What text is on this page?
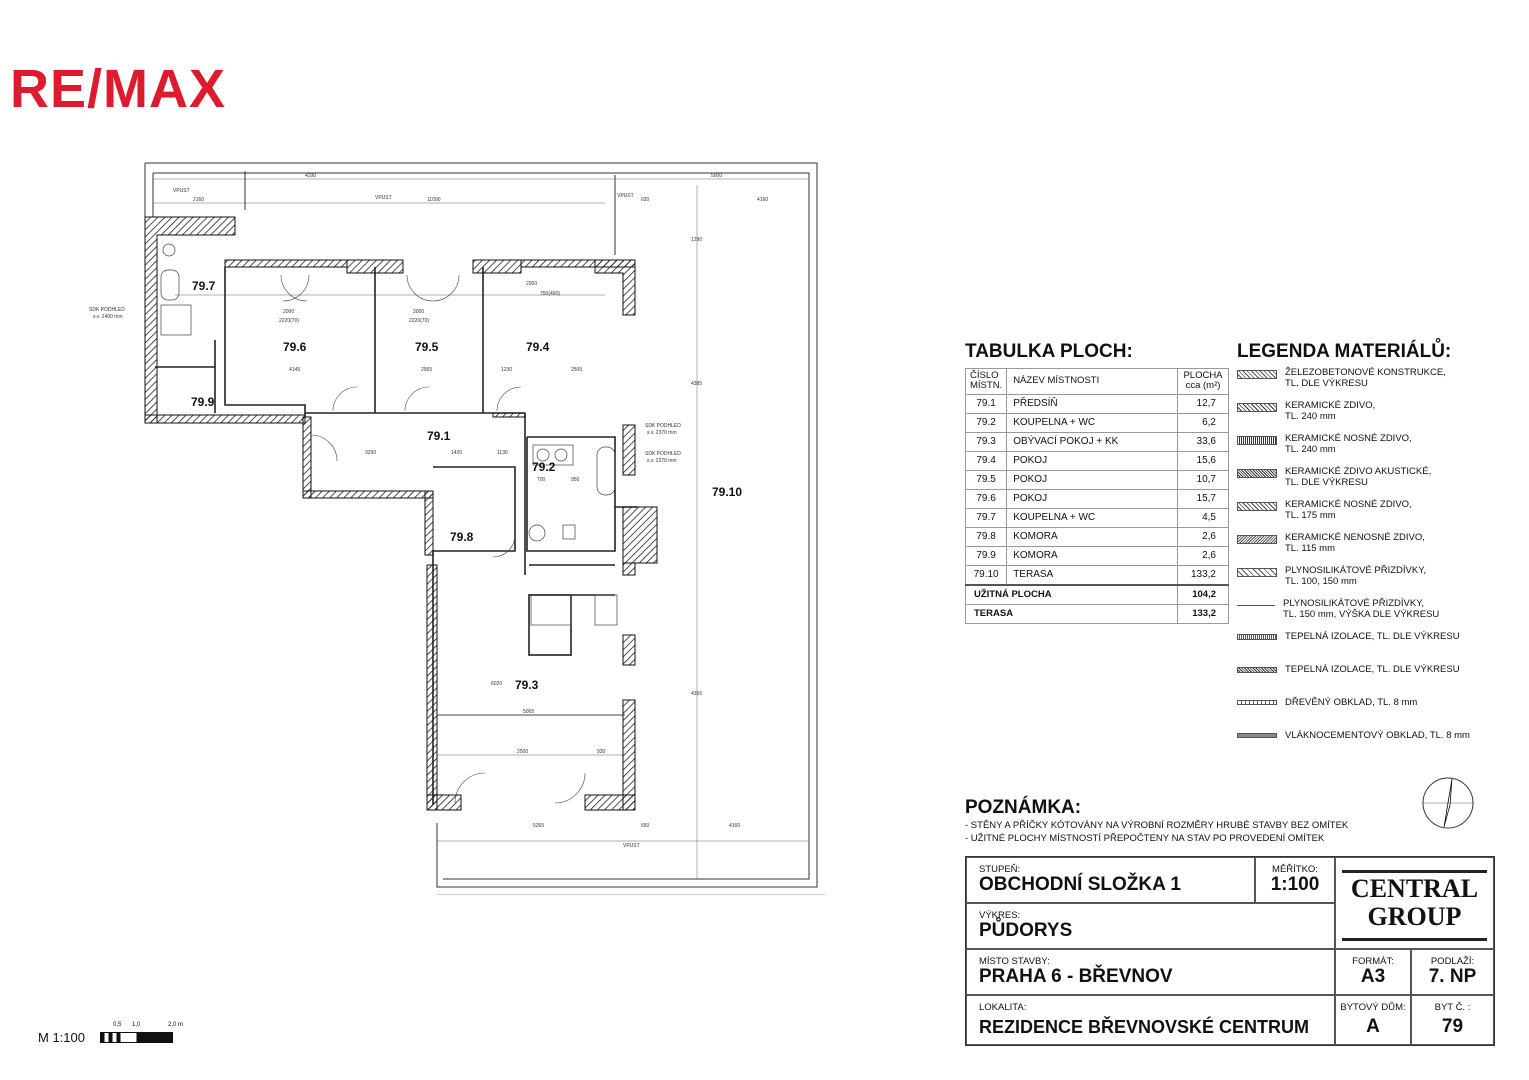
RE/MAX
79.7
79.6	79.5	79.4
79.9
79.1
79.2
79.8
79.3
79.10
VPUST
VPUST	VPUST
VPUST
SDK PODHLED
s.v. 2400 mm
SDK PODHLED
s.v. 2370 mm
SDK PODHLED
s.v. 2370 mm
4290	5000
11090	4160
1290
620
2160
2000
2220(70)
2000
2220(70)
2000
750(490)
4145	2965	1230	2505
3290	1420	1130
700	950
5065
2500	930
5265	650	4160
4385
4355
6020
TABULKA PLOCH:
ČÍSLO MÍSTN.	NÁZEV MÍSTNOSTI	PLOCHA cca (m²)
79.1	PŘEDSÍŇ	12,7
79.2	KOUPELNA + WC	6,2
79.3	OBÝVACÍ POKOJ + KK	33,6
79.4	POKOJ	15,6
79.5	POKOJ	10,7
79.6	POKOJ	15,7
79.7	KOUPELNA + WC	4,5
79.8	KOMORA	2,6
79.9	KOMORA	2,6
79.10	TERASA	133,2
UŽITNÁ PLOCHA		104,2
TERASA		133,2
LEGENDA MATERIÁLŮ:
ŽELEZOBETONOVÉ KONSTRUKCE,
TL. DLE VÝKRESU
KERAMICKÉ ZDIVO,
TL. 240 mm
KERAMICKÉ NOSNÉ ZDIVO,
TL. 240 mm
KERAMICKÉ ZDIVO AKUSTICKÉ,
TL. DLE VÝKRESU
KERAMICKÉ NOSNÉ ZDIVO,
TL. 175 mm
KERAMICKÉ NENOSNÉ ZDIVO,
TL. 115 mm
PLYNOSILIKÁTOVÉ PŘIZDÍVKY,
TL. 100, 150 mm
PLYNOSILIKÁTOVÉ PŘIZDÍVKY,
TL. 150 mm, VÝŠKA DLE VÝKRESU
TEPELNÁ IZOLACE, TL. DLE VÝKRESU
TEPELNÁ IZOLACE, TL. DLE VÝKRESU
DŘEVĚNÝ OBKLAD, TL. 8 mm
VLÁKNOCEMENTOVÝ OBKLAD, TL. 8 mm
POZNÁMKA:
- STĚNY A PŘÍČKY KÓTOVÁNY NA VÝROBNÍ ROZMĚRY HRUBÉ STAVBY BEZ OMÍTEK
- UŽITNÉ PLOCHY MÍSTNOSTÍ PŘEPOČTENY NA STAV PO PROVEDENÍ OMÍTEK
STUPEŇ:
OBCHODNÍ SLOŽKA 1
MĚŘÍTKO:
1:100	CENTRAL
GROUP
VÝKRES:
PŮDORYS
MÍSTO STAVBY:
PRAHA 6 - BŘEVNOV
FORMÁT:
A3
PODLAŽÍ:
7. NP
LOKALITA:
REZIDENCE BŘEVNOVSKÉ CENTRUM
BYTOVÝ DŮM:
A
BYT Č. :
79
M 1:100
0,5 1,0	2,0 m
